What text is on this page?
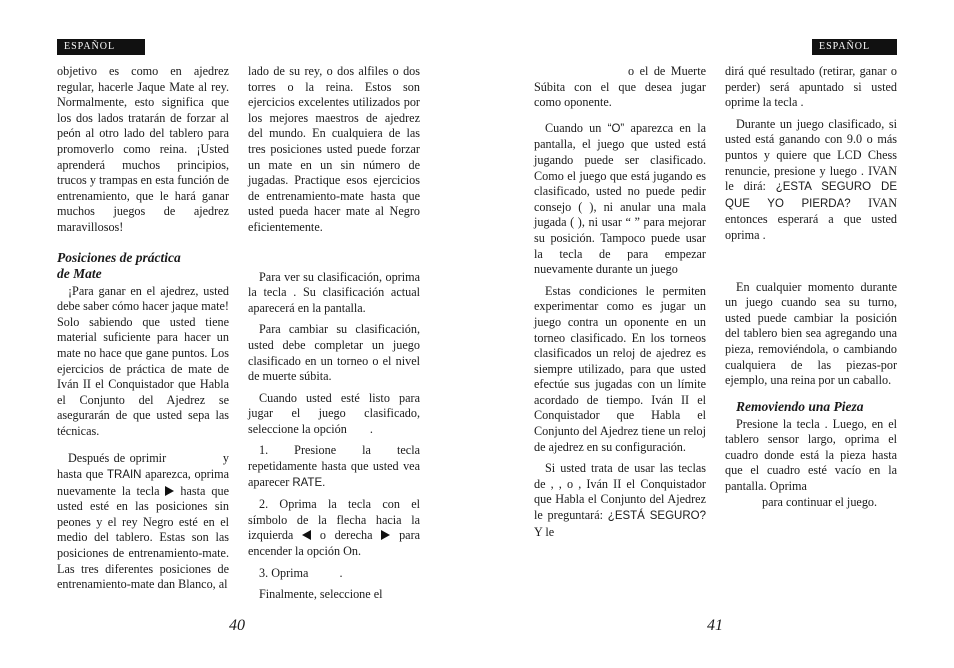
ESPAÑOL	ESPAÑOL

objetivo es como en ajedrez regular, hacerle Jaque Mate al rey. Normalmente, esto significa que los dos lados tratarán de forzar al peón al otro lado del tablero para promoverlo como reina. ¡Usted aprenderá muchos principios, trucos y trampas en esta función de entrenamiento, que le hará ganar muchos juegos de ajedrez maravillosos!

Posiciones de práctica
de Mate

¡Para ganar en el ajedrez, usted debe saber cómo hacer jaque mate! Solo sabiendo que usted tiene material suficiente para hacer un mate no hace que gane puntos. Los ejercicios de práctica de mate de Iván II el Conquistador que Habla el Conjunto del Ajedrez se asegurarán de que usted sepa las técnicas.

Después de oprimir	y hasta que TRAIN aparezca, oprima nuevamente la tecla hasta que usted esté en las posiciones sin peones y el rey Negro esté en el medio del tablero. Estas son las posiciones de entrenamiento-mate. Las tres diferentes posiciones de entrenamiento-mate dan Blanco, al

lado de su rey, o dos alfiles o dos torres o la reina. Estos son ejercicios excelentes utilizados por los mejores maestros de ajedrez del mundo. En cualquiera de las tres posiciones usted puede forzar un mate en un sin número de jugadas. Practique esos ejercicios de entrenamiento-mate hasta que usted pueda hacer mate al Negro eficientemente.

Para ver su clasificación, oprima la tecla . Su clasificación actual aparecerá en la pantalla.

Para cambiar su clasificación, usted debe completar un juego clasificado en un torneo o el nivel de muerte súbita.

Cuando usted esté listo para jugar el juego clasificado, seleccione la opción .

1. Presione la tecla repetidamente hasta que usted vea aparecer RATE.

2. Oprima la tecla con el símbolo de la flecha hacia la izquierda o derecha para encender la opción On.

3. Oprima	.

Finalmente, seleccione el

40

o el de Muerte Súbita con el que desea jugar como oponente.

Cuando un “O” aparezca en la pantalla, el juego que usted está jugando puede ser clasificado. Como el juego que está jugando es clasificado, usted no puede pedir consejo ( ), ni anular una mala jugada ( ), ni usar “ ” para mejorar su posición. Tampoco puede usar la tecla de para empezar nuevamente durante un juego

Estas condiciones le permiten experimentar como es jugar un juego contra un oponente en un torneo clasificado. En los torneos clasificados un reloj de ajedrez es siempre utilizado, para que usted efectúe sus jugadas con un límite acordado de tiempo. Iván II el Conquistador que Habla el Conjunto del Ajedrez tiene un reloj de ajedrez en su configuración.

Si usted trata de usar las teclas de , , o , Iván II el Conquistador que Habla el Conjunto del Ajedrez le preguntará: ¿ESTÁ SEGURO? Y le

dirá qué resultado (retirar, ganar o perder) será apuntado si usted oprime la tecla .

Durante un juego clasificado, si usted está ganando con 9.0 o más puntos y quiere que LCD Chess renuncie, presione y luego . IVAN le dirá: ¿ESTA SEGURO DE QUE YO PIERDA? IVAN entonces esperará a que usted oprima .

En cualquier momento durante un juego cuando sea su turno, usted puede cambiar la posición del tablero bien sea agregando una pieza, removiéndola, o cambiando cualquiera de las piezas-por ejemplo, una reina por un caballo.

Removiendo una Pieza

Presione la tecla . Luego, en el tablero sensor largo, oprima el cuadro donde está la pieza hasta que el cuadro esté vacío en la pantalla. Oprima

para continuar el juego.

41
